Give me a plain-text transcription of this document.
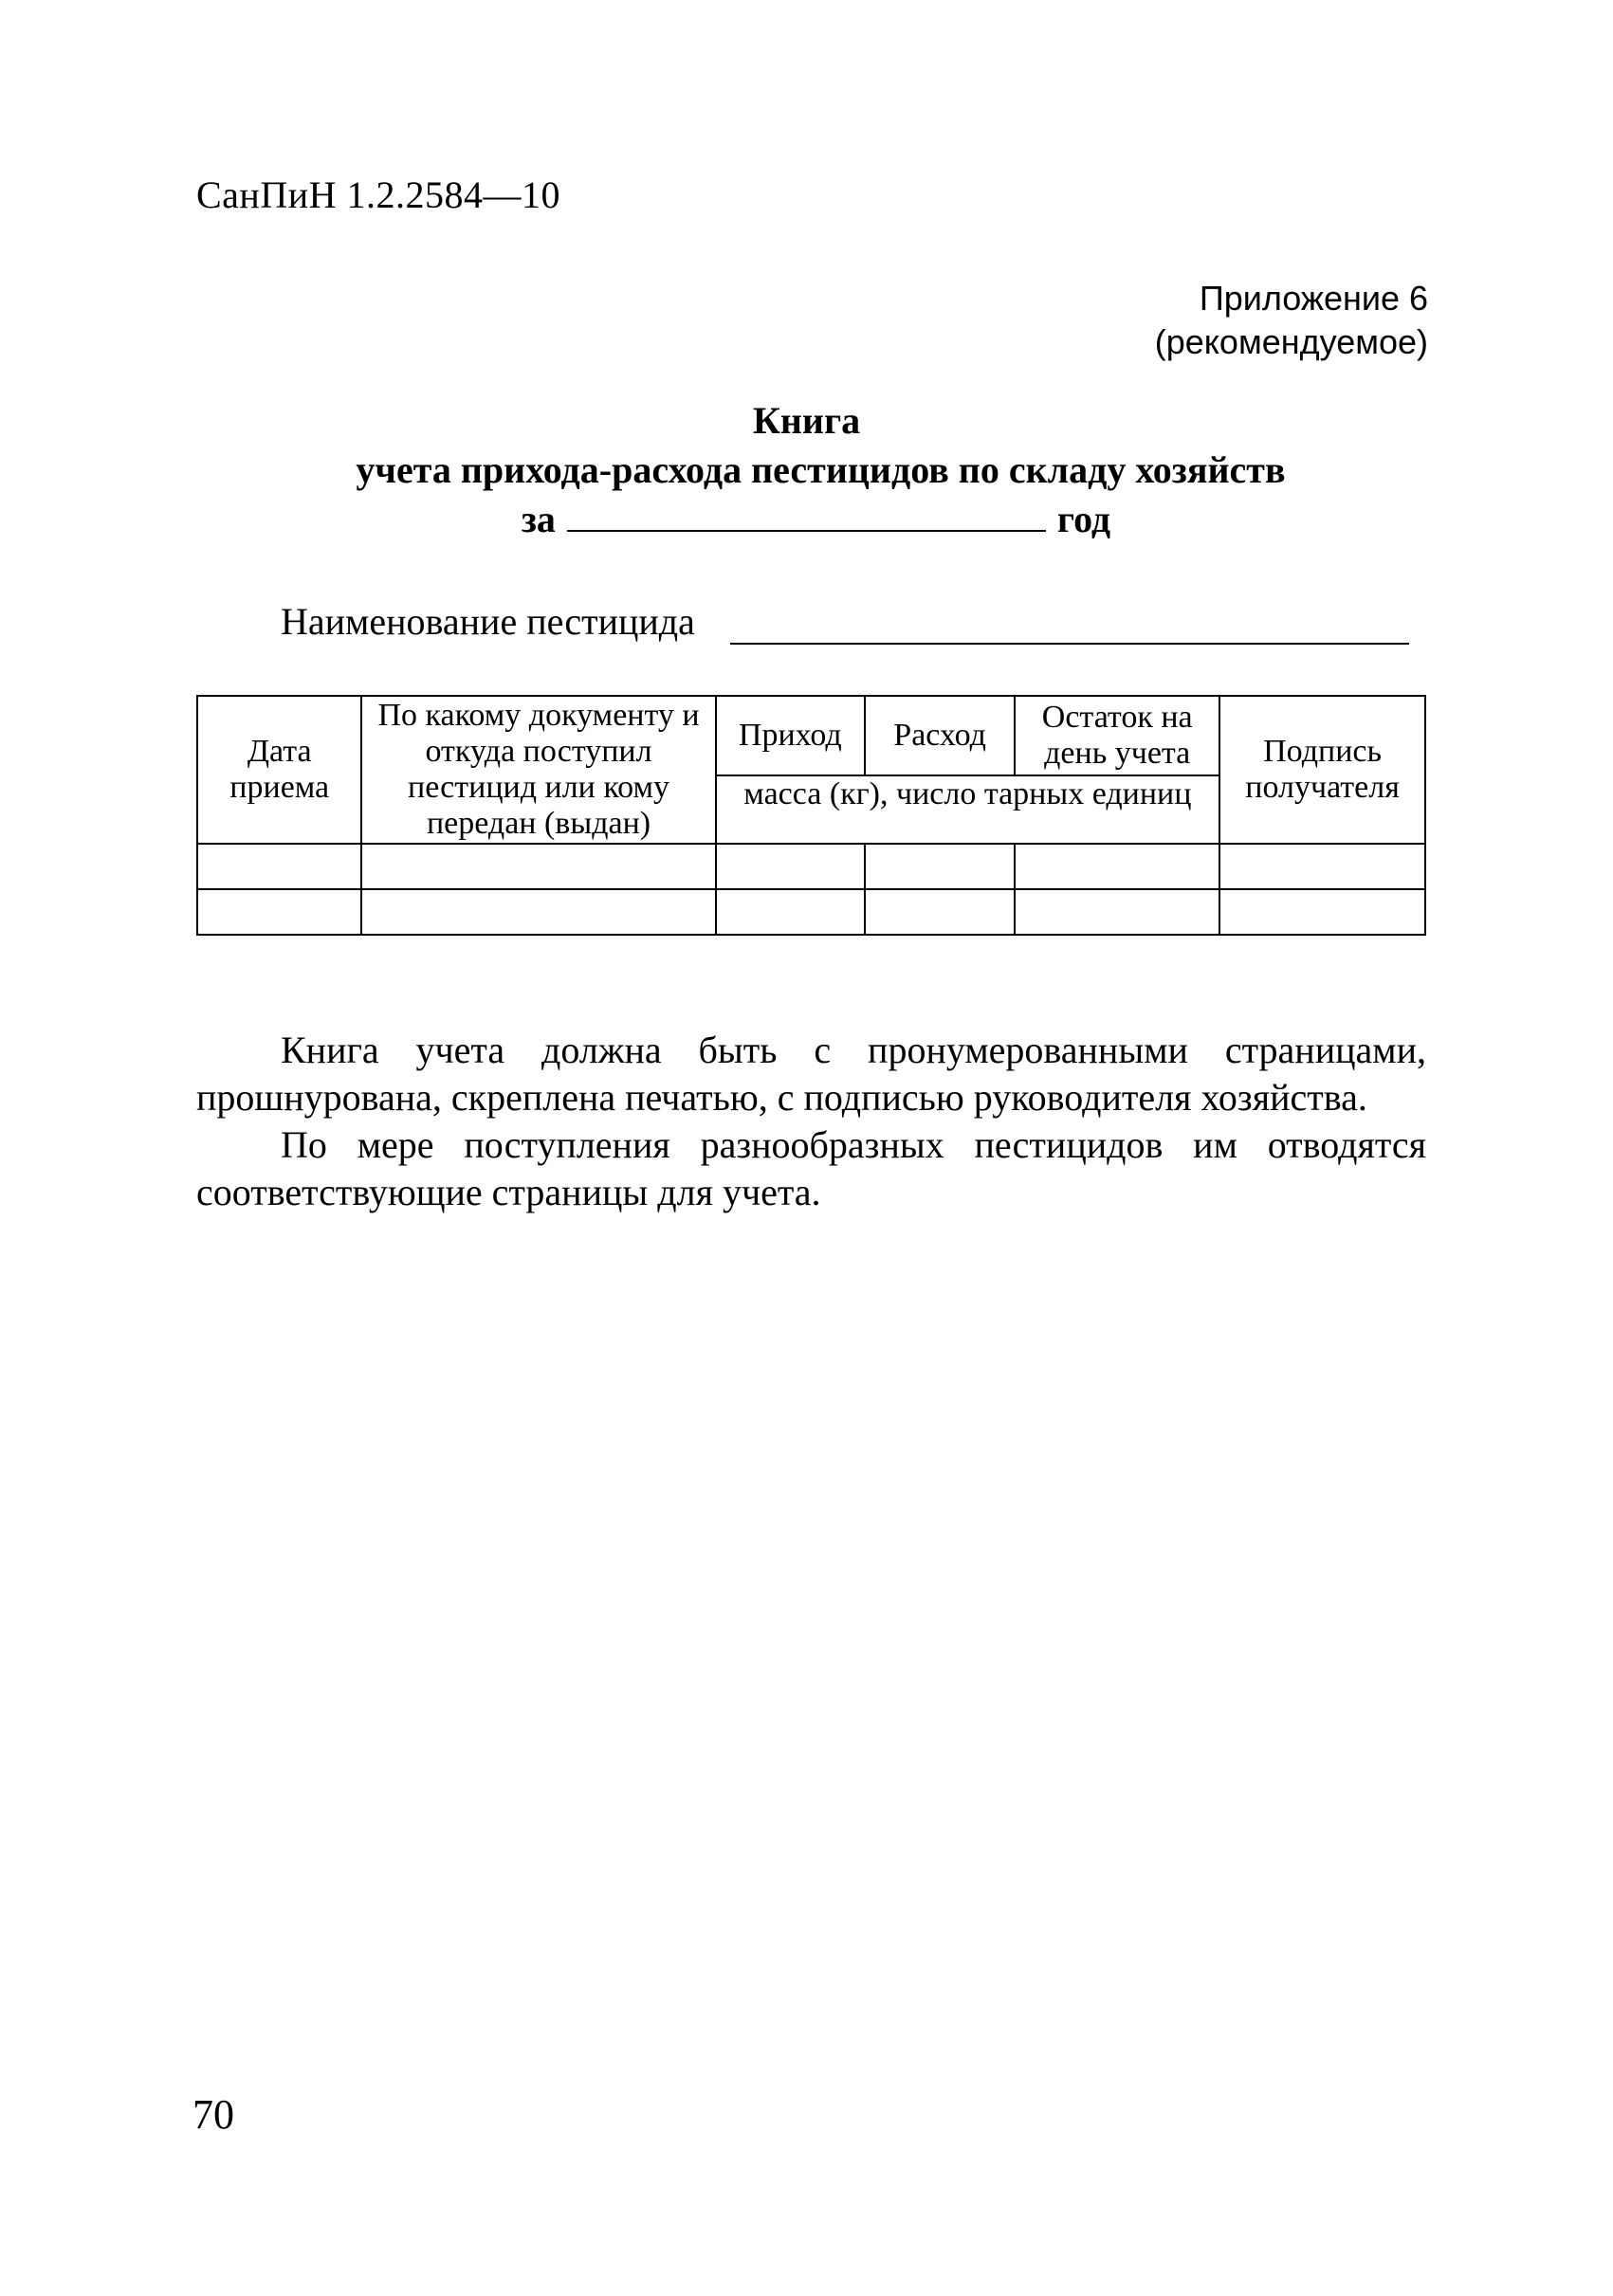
СанПиН 1.2.2584—10
Приложение 6
(рекомендуемое)
Книга
учета прихода-расхода пестицидов по складу хозяйств
за	год
Наименование пестицида
Дата приема	По какому документу и откуда поступил пестицид или кому передан (выдан)	Приход	Расход	Остаток на день учета	Подпись получателя
		масса (кг), число тарных единиц			

Книга учета должна быть с пронумерованными страницами, прошнурована, скреплена печатью, с подписью руководителя хозяйства.

По мере поступления разнообразных пестицидов им отводятся соответствующие страницы для учета.

70
